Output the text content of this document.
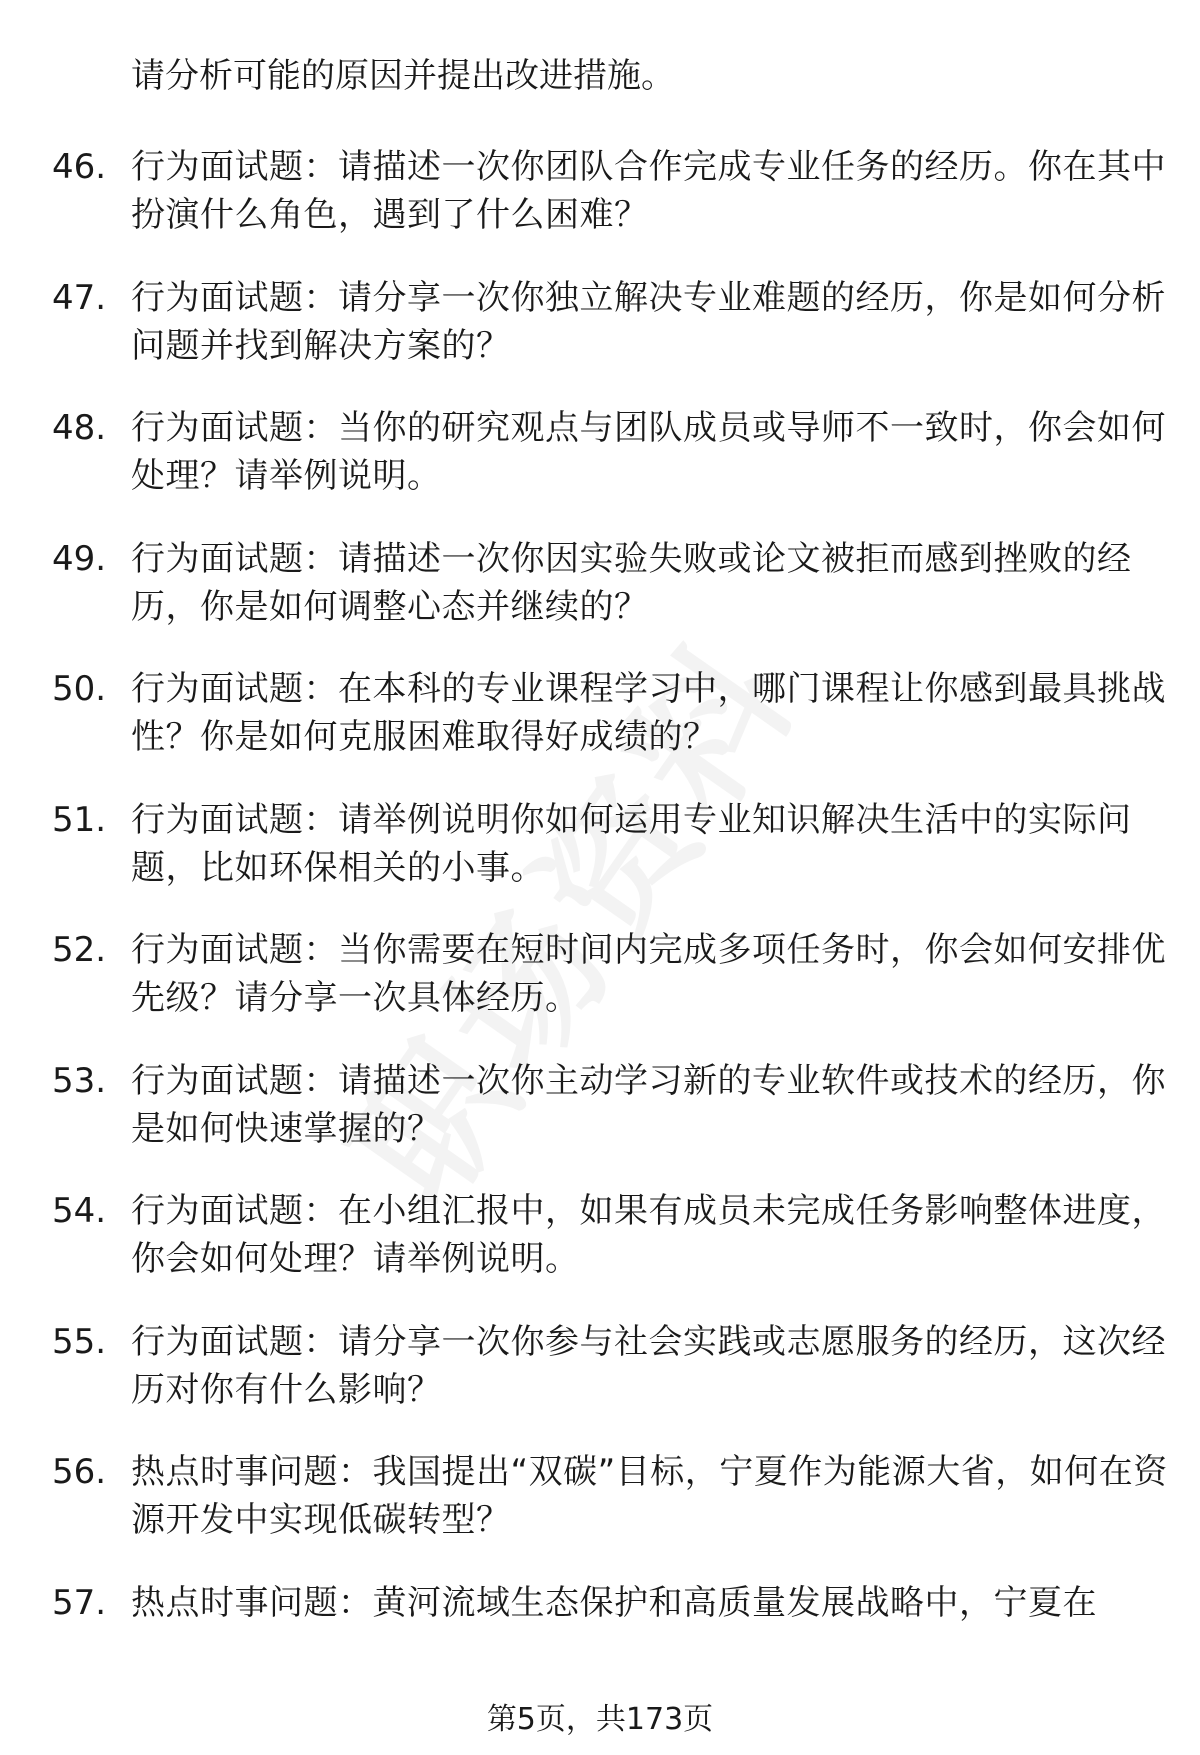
请分析可能的原因并提出改进措施。

46. 行为面试题：请描述一次你团队合作完成专业任务的经历。你在其中扮演什么角色，遇到了什么困难？
47. 行为面试题：请分享一次你独立解决专业难题的经历，你是如何分析问题并找到解决方案的？
48. 行为面试题：当你的研究观点与团队成员或导师不一致时，你会如何处理？请举例说明。
49. 行为面试题：请描述一次你因实验失败或论文被拒而感到挫败的经历，你是如何调整心态并继续的？
50. 行为面试题：在本科的专业课程学习中，哪门课程让你感到最具挑战性？你是如何克服困难取得好成绩的？
51. 行为面试题：请举例说明你如何运用专业知识解决生活中的实际问题，比如环保相关的小事。
52. 行为面试题：当你需要在短时间内完成多项任务时，你会如何安排优先级？请分享一次具体经历。
53. 行为面试题：请描述一次你主动学习新的专业软件或技术的经历，你是如何快速掌握的？
54. 行为面试题：在小组汇报中，如果有成员未完成任务影响整体进度，你会如何处理？请举例说明。
55. 行为面试题：请分享一次你参与社会实践或志愿服务的经历，这次经历对你有什么影响？
56. 热点时事问题：我国提出“双碳”目标，宁夏作为能源大省，如何在资源开发中实现低碳转型？
57. 热点时事问题：黄河流域生态保护和高质量发展战略中，宁夏在
第5页，共173页
